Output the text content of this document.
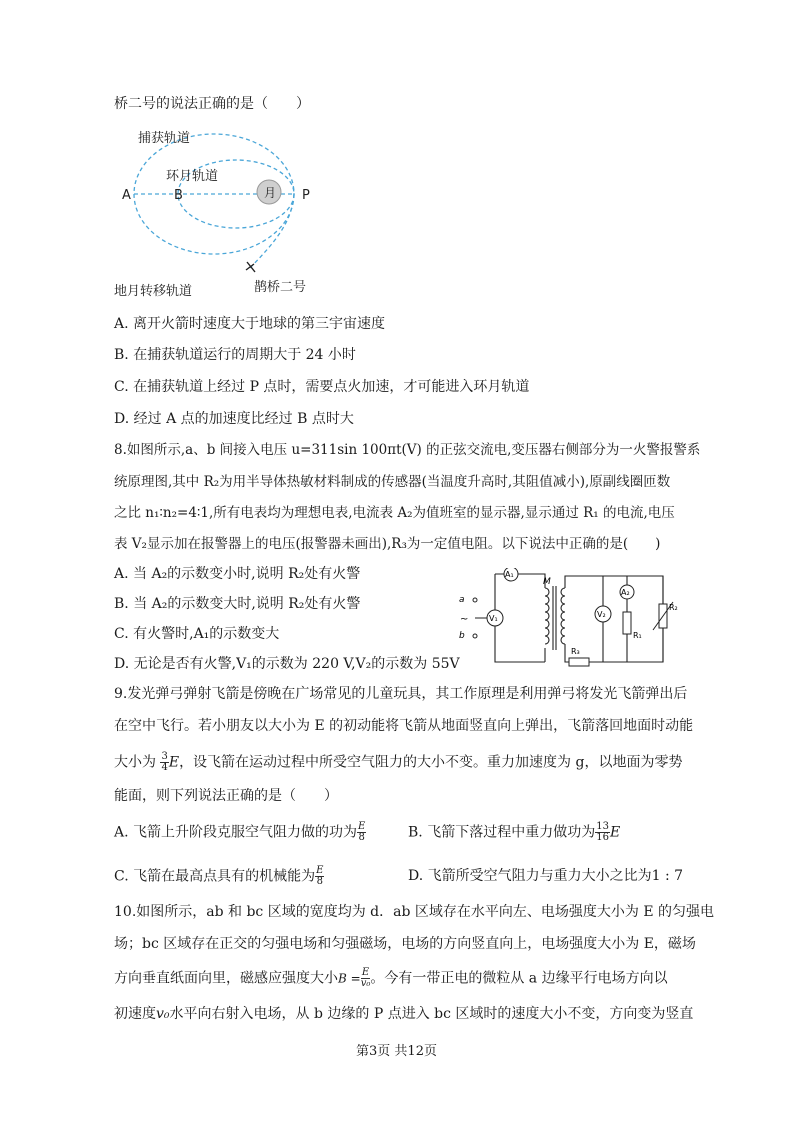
桥二号的说法正确的是（　　）
月
捕获轨道
环月轨道
A	B	P
地月转移轨道	鹊桥二号
A. 离开火箭时速度大于地球的第三宇宙速度
B. 在捕获轨道运行的周期大于 24 小时
C. 在捕获轨道上经过 P 点时，需要点火加速，才可能进入环月轨道
D. 经过 A 点的加速度比经过 B 点时大
8.如图所示,a、b 间接入电压 u=311sin 100πt(V) 的正弦交流电,变压器右侧部分为一火警报警系
统原理图,其中 R₂为用半导体热敏材料制成的传感器(当温度升高时,其阻值减小),原副线圈匝数
之比 n₁∶n₂=4∶1,所有电表均为理想电表,电流表 A₂为值班室的显示器,显示通过 R₁ 的电流,电压
表 V₂显示加在报警器上的电压(报警器未画出),R₃为一定值电阻。以下说法中正确的是(　　)
A. 当 A₂的示数变小时,说明 R₂处有火警
B. 当 A₂的示数变大时,说明 R₂处有火警
C. 有火警时,A₁的示数变大
D. 无论是否有火警,V₁的示数为 220 V,V₂的示数为 55V
A₁
V₁	V₂
A₂
R₁
R₂
R₃
a
b
~
M
9.发光弹弓弹射飞箭是傍晚在广场常见的儿童玩具，其工作原理是利用弹弓将发光飞箭弹出后
在空中飞行。若小朋友以大小为 E 的初动能将飞箭从地面竖直向上弹出，飞箭落回地面时动能
大小为 $\frac{3}{4}$ E，设飞箭在运动过程中所受空气阻力的大小不变。重力加速度为 g，以地面为零势
能面，则下列说法正确的是（　　）
A. 飞箭上升阶段克服空气阻力做的功为 $\frac{E}{8}$	B. 飞箭下落过程中重力做功为 $\frac{13}{16}$ E
C. 飞箭在最高点具有的机械能为 $\frac{E}{8}$	D. 飞箭所受空气阻力与重力大小之比为1 : 7
10.如图所示，ab 和 bc 区域的宽度均为 d．ab 区域存在水平向左、电场强度大小为 E 的匀强电
场；bc 区域存在正交的匀强电场和匀强磁场，电场的方向竖直向上，电场强度大小为 E，磁场
方向垂直纸面向里，磁感应强度大小$B = \frac{E}{\text{v₀}}$ 。今有一带正电的微粒从 a 边缘平行电场方向以
初速度v₀水平向右射入电场，从 b 边缘的 P 点进入 bc 区域时的速度大小不变，方向变为竖直
第3页 共12页
